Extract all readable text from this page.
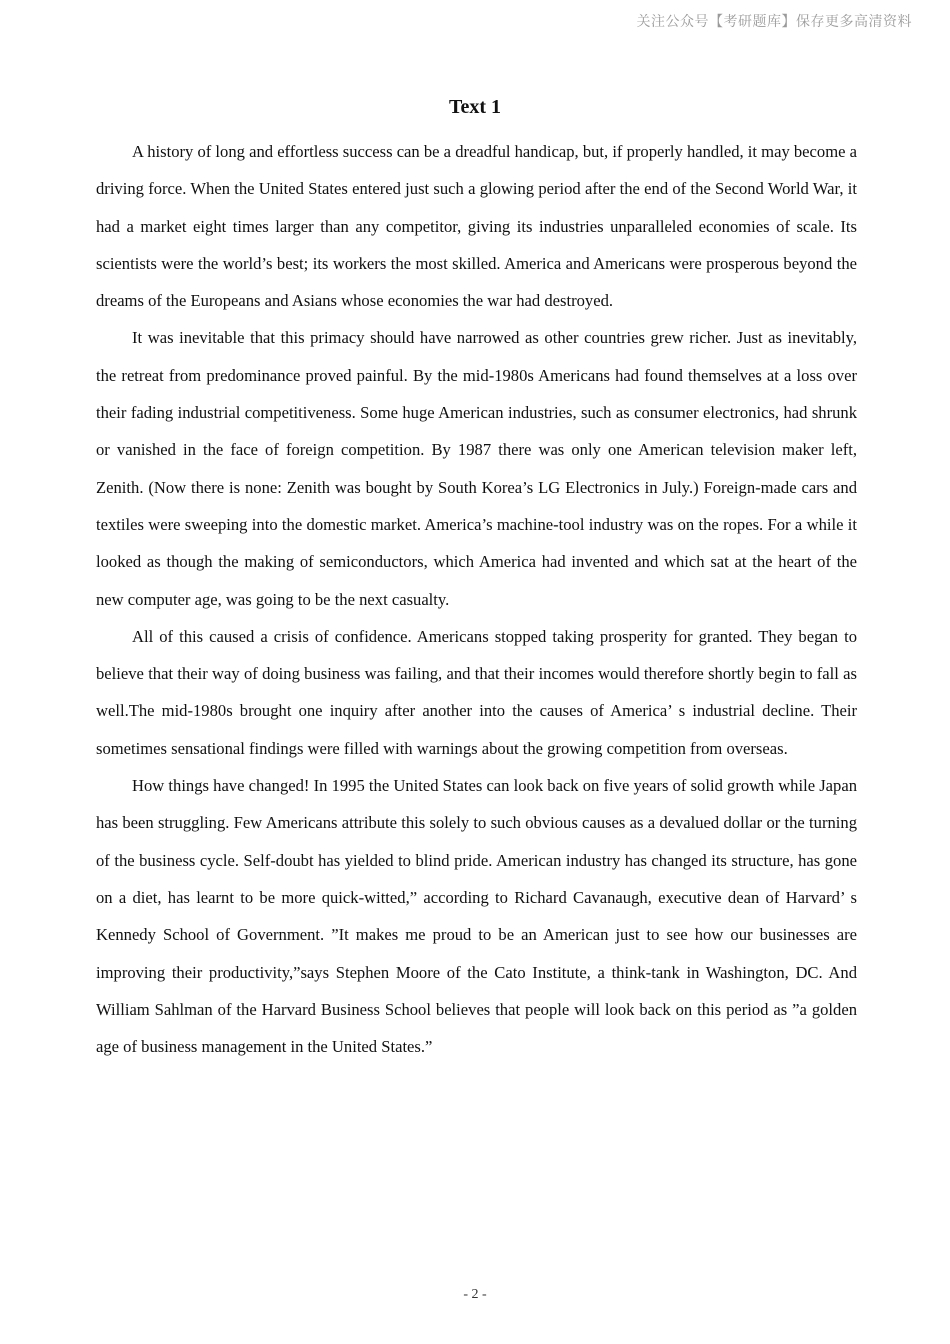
关注公众号【考研题库】保存更多高清资料
Text 1

A history of long and effortless success can be a dreadful handicap, but, if properly handled, it may become a driving force. When the United States entered just such a glowing period after the end of the Second World War, it had a market eight times larger than any competitor, giving its industries unparalleled economies of scale. Its scientists were the world’s best; its workers the most skilled. America and Americans were prosperous beyond the dreams of the Europeans and Asians whose economies the war had destroyed.

It was inevitable that this primacy should have narrowed as other countries grew richer. Just as inevitably, the retreat from predominance proved painful. By the mid-1980s Americans had found themselves at a loss over their fading industrial competitiveness. Some huge American industries, such as consumer electronics, had shrunk or vanished in the face of foreign competition. By 1987 there was only one American television maker left, Zenith. (Now there is none: Zenith was bought by South Korea’s LG Electronics in July.) Foreign-made cars and textiles were sweeping into the domestic market. America’s machine-tool industry was on the ropes. For a while it looked as though the making of semiconductors, which America had invented and which sat at the heart of the new computer age, was going to be the next casualty.

All of this caused a crisis of confidence. Americans stopped taking prosperity for granted. They began to believe that their way of doing business was failing, and that their incomes would therefore shortly begin to fall as well.The mid-1980s brought one inquiry after another into the causes of America’ s industrial decline. Their sometimes sensational findings were filled with warnings about the growing competition from overseas.

How things have changed! In 1995 the United States can look back on five years of solid growth while Japan has been struggling. Few Americans attribute this solely to such obvious causes as a devalued dollar or the turning of the business cycle. Self-doubt has yielded to blind pride. American industry has changed its structure, has gone on a diet, has learnt to be more quick-witted,” according to Richard Cavanaugh, executive dean of Harvard’ s Kennedy School of Government. ”It makes me proud to be an American just to see how our businesses are improving their productivity,”says Stephen Moore of the Cato Institute, a think-tank in Washington, DC. And William Sahlman of the Harvard Business School believes that people will look back on this period as ”a golden age of business management in the United States.”

- 2 -
